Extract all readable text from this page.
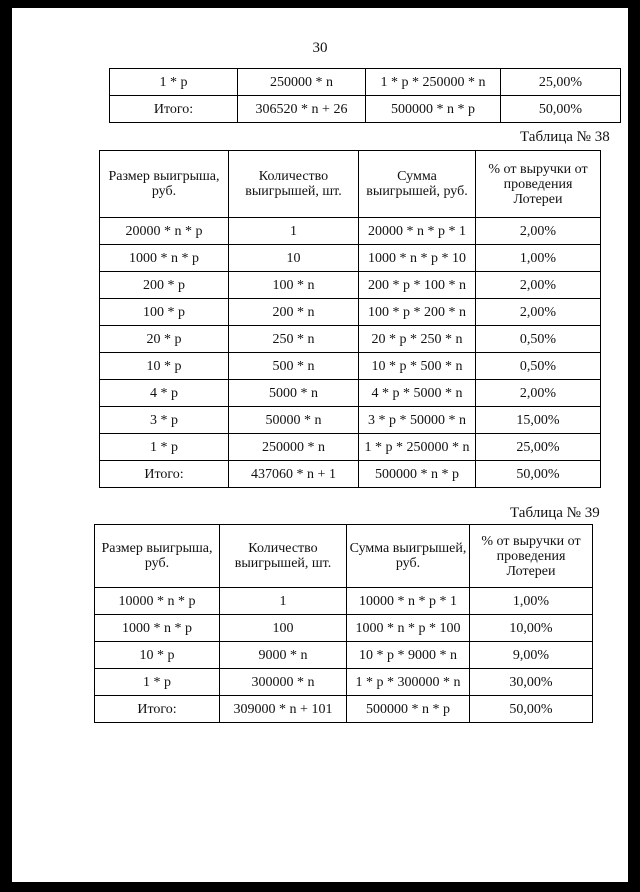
30
1 * p	250000 * n	1 * p * 250000 * n	25,00%
Итого:	306520 * n + 26	500000 * n * p	50,00%
Таблица № 38
Размер выигрыша, руб.	Количество выигрышей, шт.	Сумма выигрышей, руб.	% от выручки от проведения Лотереи
20000 * n * p	1	20000 * n * p * 1	2,00%
1000 * n * p	10	1000 * n * p * 10	1,00%
200 * p	100 * n	200 * p * 100 * n	2,00%
100 * p	200 * n	100 * p * 200 * n	2,00%
20 * p	250 * n	20 * p * 250 * n	0,50%
10 * p	500 * n	10 * p * 500 * n	0,50%
4 * p	5000 * n	4 * p * 5000 * n	2,00%
3 * p	50000 * n	3 * p * 50000 * n	15,00%
1 * p	250000 * n	1 * p * 250000 * n	25,00%
Итого:	437060 * n + 1	500000 * n * p	50,00%
Таблица № 39
Размер выигрыша, руб.	Количество выигрышей, шт.	Сумма выигрышей, руб.	% от выручки от проведения Лотереи
10000 * n * p	1	10000 * n * p * 1	1,00%
1000 * n * p	100	1000 * n * p * 100	10,00%
10 * p	9000 * n	10 * p * 9000 * n	9,00%
1 * p	300000 * n	1 * p * 300000 * n	30,00%
Итого:	309000 * n + 101	500000 * n * p	50,00%
